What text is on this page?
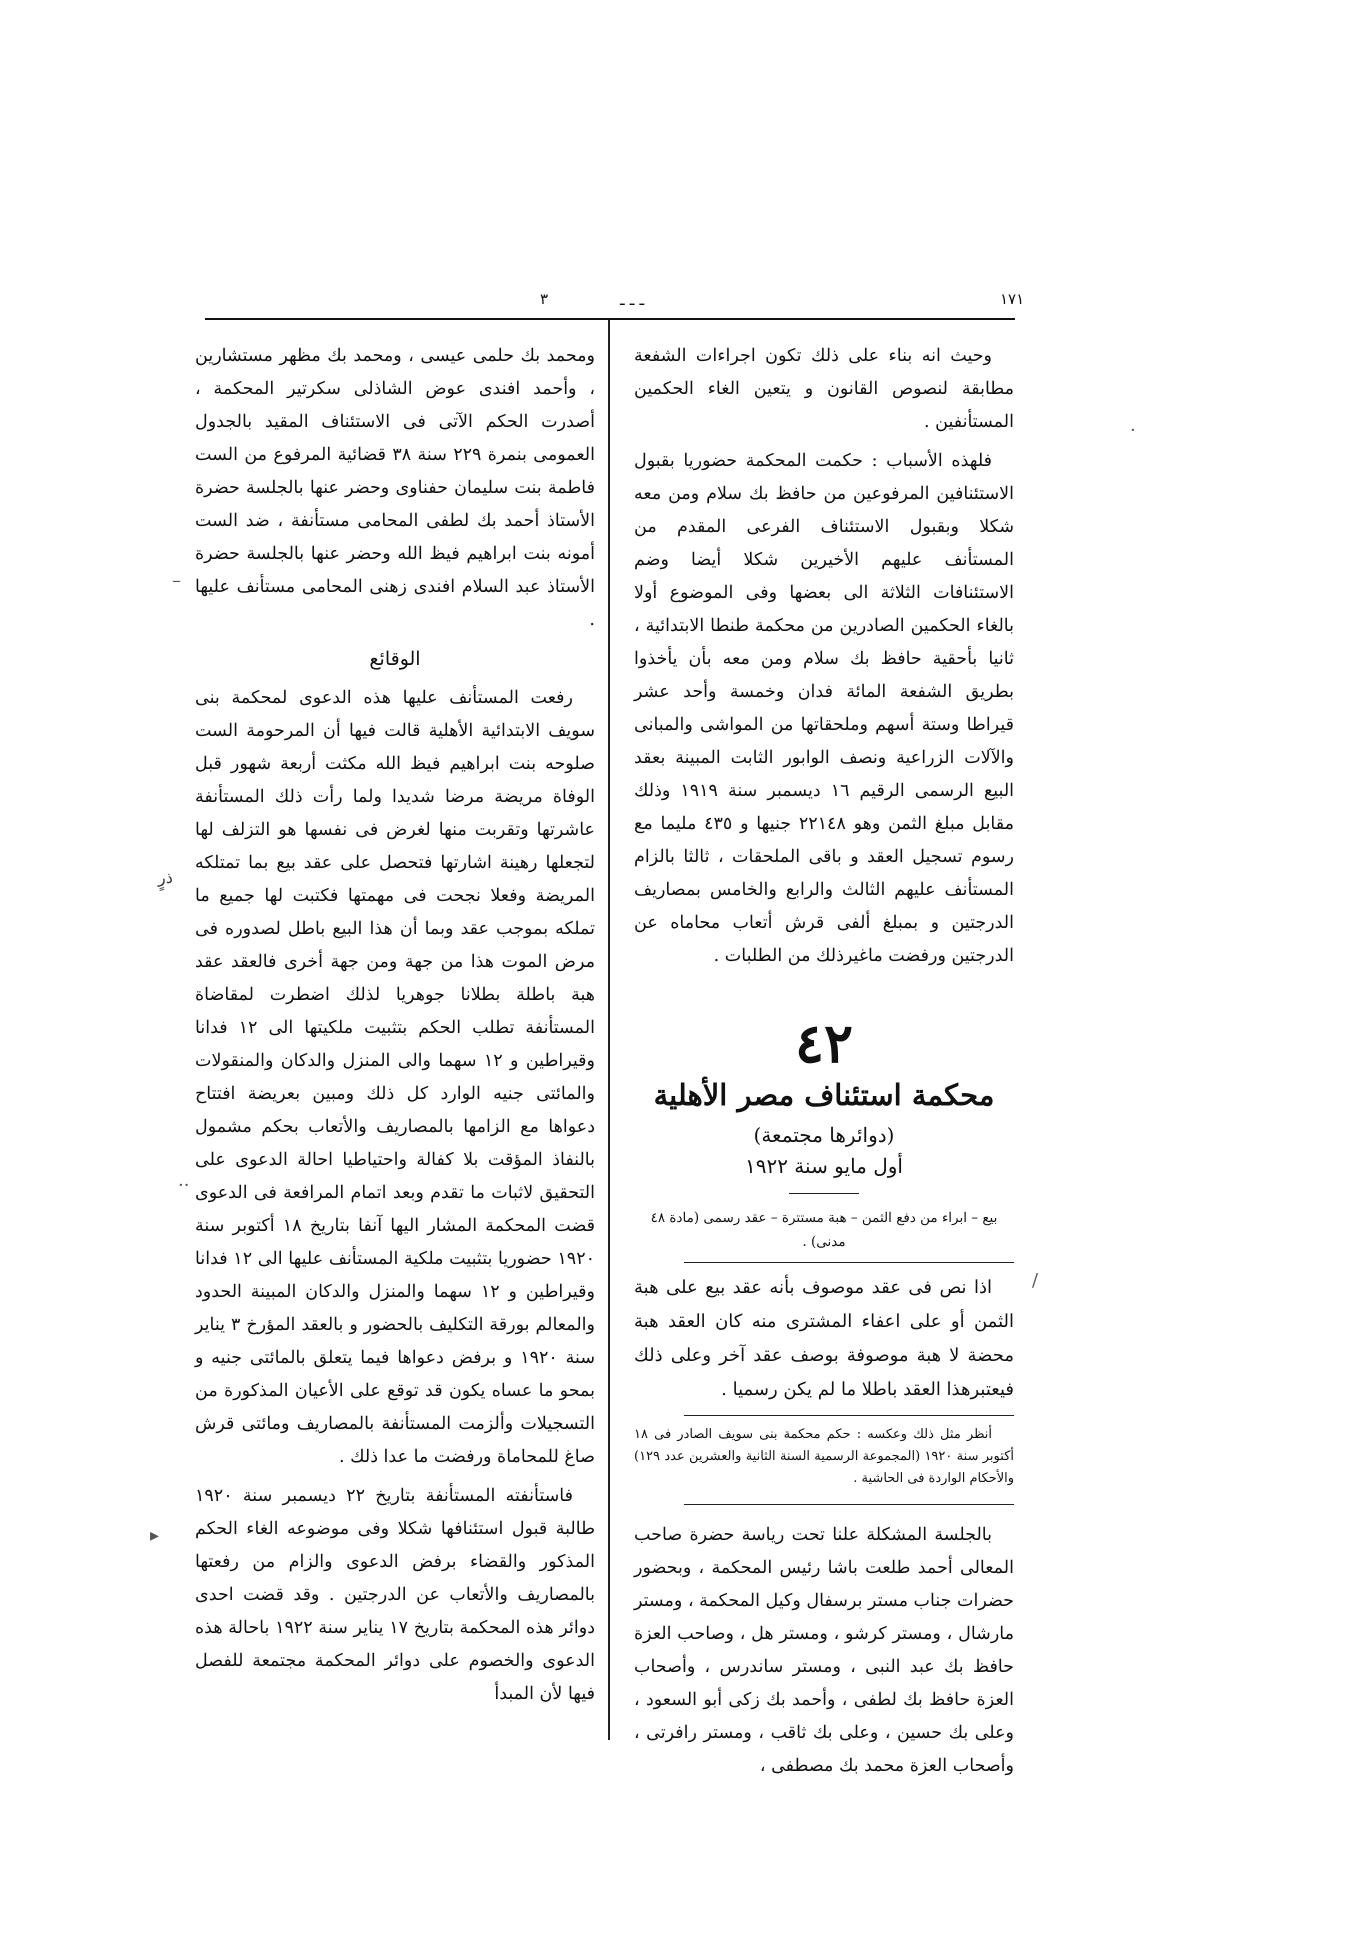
١٧١
٣	ـ ـ ـ

وحيث انه بناء على ذلك تكون اجراءات الشفعة مطابقة لنصوص القانون و يتعين الغاء الحكمين المستأنفين .

فلهذه الأسباب : حكمت المحكمة حضوريا بقبول الاستئنافين المرفوعين من حافظ بك سلام ومن معه شكلا وبقبول الاستئناف الفرعى المقدم من المستأنف عليهم الأخيرين شكلا أيضا وضم الاستئنافات الثلاثة الى بعضها وفى الموضوع أولا بالغاء الحكمين الصادرين من محكمة طنطا الابتدائية ، ثانيا بأحقية حافظ بك سلام ومن معه بأن يأخذوا بطريق الشفعة المائة فدان وخمسة وأحد عشر قيراطا وستة أسهم وملحقاتها من المواشى والمبانى والآلات الزراعية ونصف الوابور الثابت المبينة بعقد البيع الرسمى الرقيم ١٦ ديسمبر سنة ١٩١٩ وذلك مقابل مبلغ الثمن وهو ٢٢١٤٨ جنيها و ٤٣٥ مليما مع رسوم تسجيل العقد و باقى الملحقات ، ثالثا بالزام المستأنف عليهم الثالث والرابع والخامس بمصاريف الدرجتين و بمبلغ ألفى قرش أتعاب محاماه عن الدرجتين ورفضت ماغيرذلك من الطلبات .

٤٢
محكمة استئناف مصر الأهلية
(دوائرها مجتمعة)
أول مايو سنة ١٩٢٢
بيع – ابراء من دفع الثمن – هبة مستترة – عقد رسمى (مادة ٤٨ مدنى) .

اذا نص فى عقد موصوف بأنه عقد بيع على هبة الثمن أو على اعفاء المشترى منه كان العقد هبة محضة لا هبة موصوفة بوصف عقد آخر وعلى ذلك فيعتبرهذا العقد باطلا ما لم يكن رسميا .

أنظر مثل ذلك وعكسه : حكم محكمة بنى سويف الصادر فى ١٨ أكتوبر سنة ١٩٢٠ (المجموعة الرسمية السنة الثانية والعشرين عدد ١٢٩) والأحكام الواردة فى الحاشية .

بالجلسة المشكلة علنا تحت رياسة حضرة صاحب المعالى أحمد طلعت باشا رئيس المحكمة ، وبحضور حضرات جناب مستر برسفال وكيل المحكمة ، ومستر مارشال ، ومستر كرشو ، ومستر هل ، وصاحب العزة حافظ بك عبد النبى ، ومستر ساندرس ، وأصحاب العزة حافظ بك لطفى ، وأحمد بك زكى أبو السعود ، وعلى بك حسين ، وعلى بك ثاقب ، ومستر رافرتى ، وأصحاب العزة محمد بك مصطفى ،

ومحمد بك حلمى عيسى ، ومحمد بك مظهر مستشارين ، وأحمد افندى عوض الشاذلى سكرتير المحكمة ، أصدرت الحكم الآتى فى الاستئناف المقيد بالجدول العمومى بنمرة ٢٢٩ سنة ٣٨ قضائية المرفوع من الست فاطمة بنت سليمان حفناوى وحضر عنها بالجلسة حضرة الأستاذ أحمد بك لطفى المحامى مستأنفة ، ضد الست أمونه بنت ابراهيم فيظ الله وحضر عنها بالجلسة حضرة الأستاذ عبد السلام افندى زهنى المحامى مستأنف عليها .

الوقائع

رفعت المستأنف عليها هذه الدعوى لمحكمة بنى سويف الابتدائية الأهلية قالت فيها أن المرحومة الست صلوحه بنت ابراهيم فيظ الله مكثت أربعة شهور قبل الوفاة مريضة مرضا شديدا ولما رأت ذلك المستأنفة عاشرتها وتقربت منها لغرض فى نفسها هو التزلف لها لتجعلها رهينة اشارتها فتحصل على عقد بيع بما تمتلكه المريضة وفعلا نجحت فى مهمتها فكتبت لها جميع ما تملكه بموجب عقد وبما أن هذا البيع باطل لصدوره فى مرض الموت هذا من جهة ومن جهة أخرى فالعقد عقد هبة باطلة بطلانا جوهريا لذلك اضطرت لمقاضاة المستأنفة تطلب الحكم بتثبيت ملكيتها الى ١٢ فدانا وقيراطين و ١٢ سهما والى المنزل والدكان والمنقولات والمائتى جنيه الوارد كل ذلك ومبين بعريضة افتتاح دعواها مع الزامها بالمصاريف والأتعاب بحكم مشمول بالنفاذ المؤقت بلا كفالة واحتياطيا احالة الدعوى على التحقيق لاثبات ما تقدم وبعد اتمام المرافعة فى الدعوى قضت المحكمة المشار اليها آنفا بتاريخ ١٨ أكتوبر سنة ١٩٢٠ حضوريا بتثبيت ملكية المستأنف عليها الى ١٢ فدانا وقيراطين و ١٢ سهما والمنزل والدكان المبينة الحدود والمعالم بورقة التكليف بالحضور و بالعقد المؤرخ ٣ يناير سنة ١٩٢٠ و برفض دعواها فيما يتعلق بالمائتى جنيه و بمحو ما عساه يكون قد توقع على الأعيان المذكورة من التسجيلات وألزمت المستأنفة بالمصاريف ومائتى قرش صاغ للمحاماة ورفضت ما عدا ذلك .

فاستأنفته المستأنفة بتاريخ ٢٢ ديسمبر سنة ١٩٢٠ طالبة قبول استئنافها شكلا وفى موضوعه الغاء الحكم المذكور والقضاء برفض الدعوى والزام من رفعتها بالمصاريف والأتعاب عن الدرجتين . وقد قضت احدى دوائر هذه المحكمة بتاريخ ١٧ يناير سنة ١٩٢٢ باحالة هذه الدعوى والخصوم على دوائر المحكمة مجتمعة للفصل فيها لأن المبدأ

ذرٍ
·
–
··
/
▸
